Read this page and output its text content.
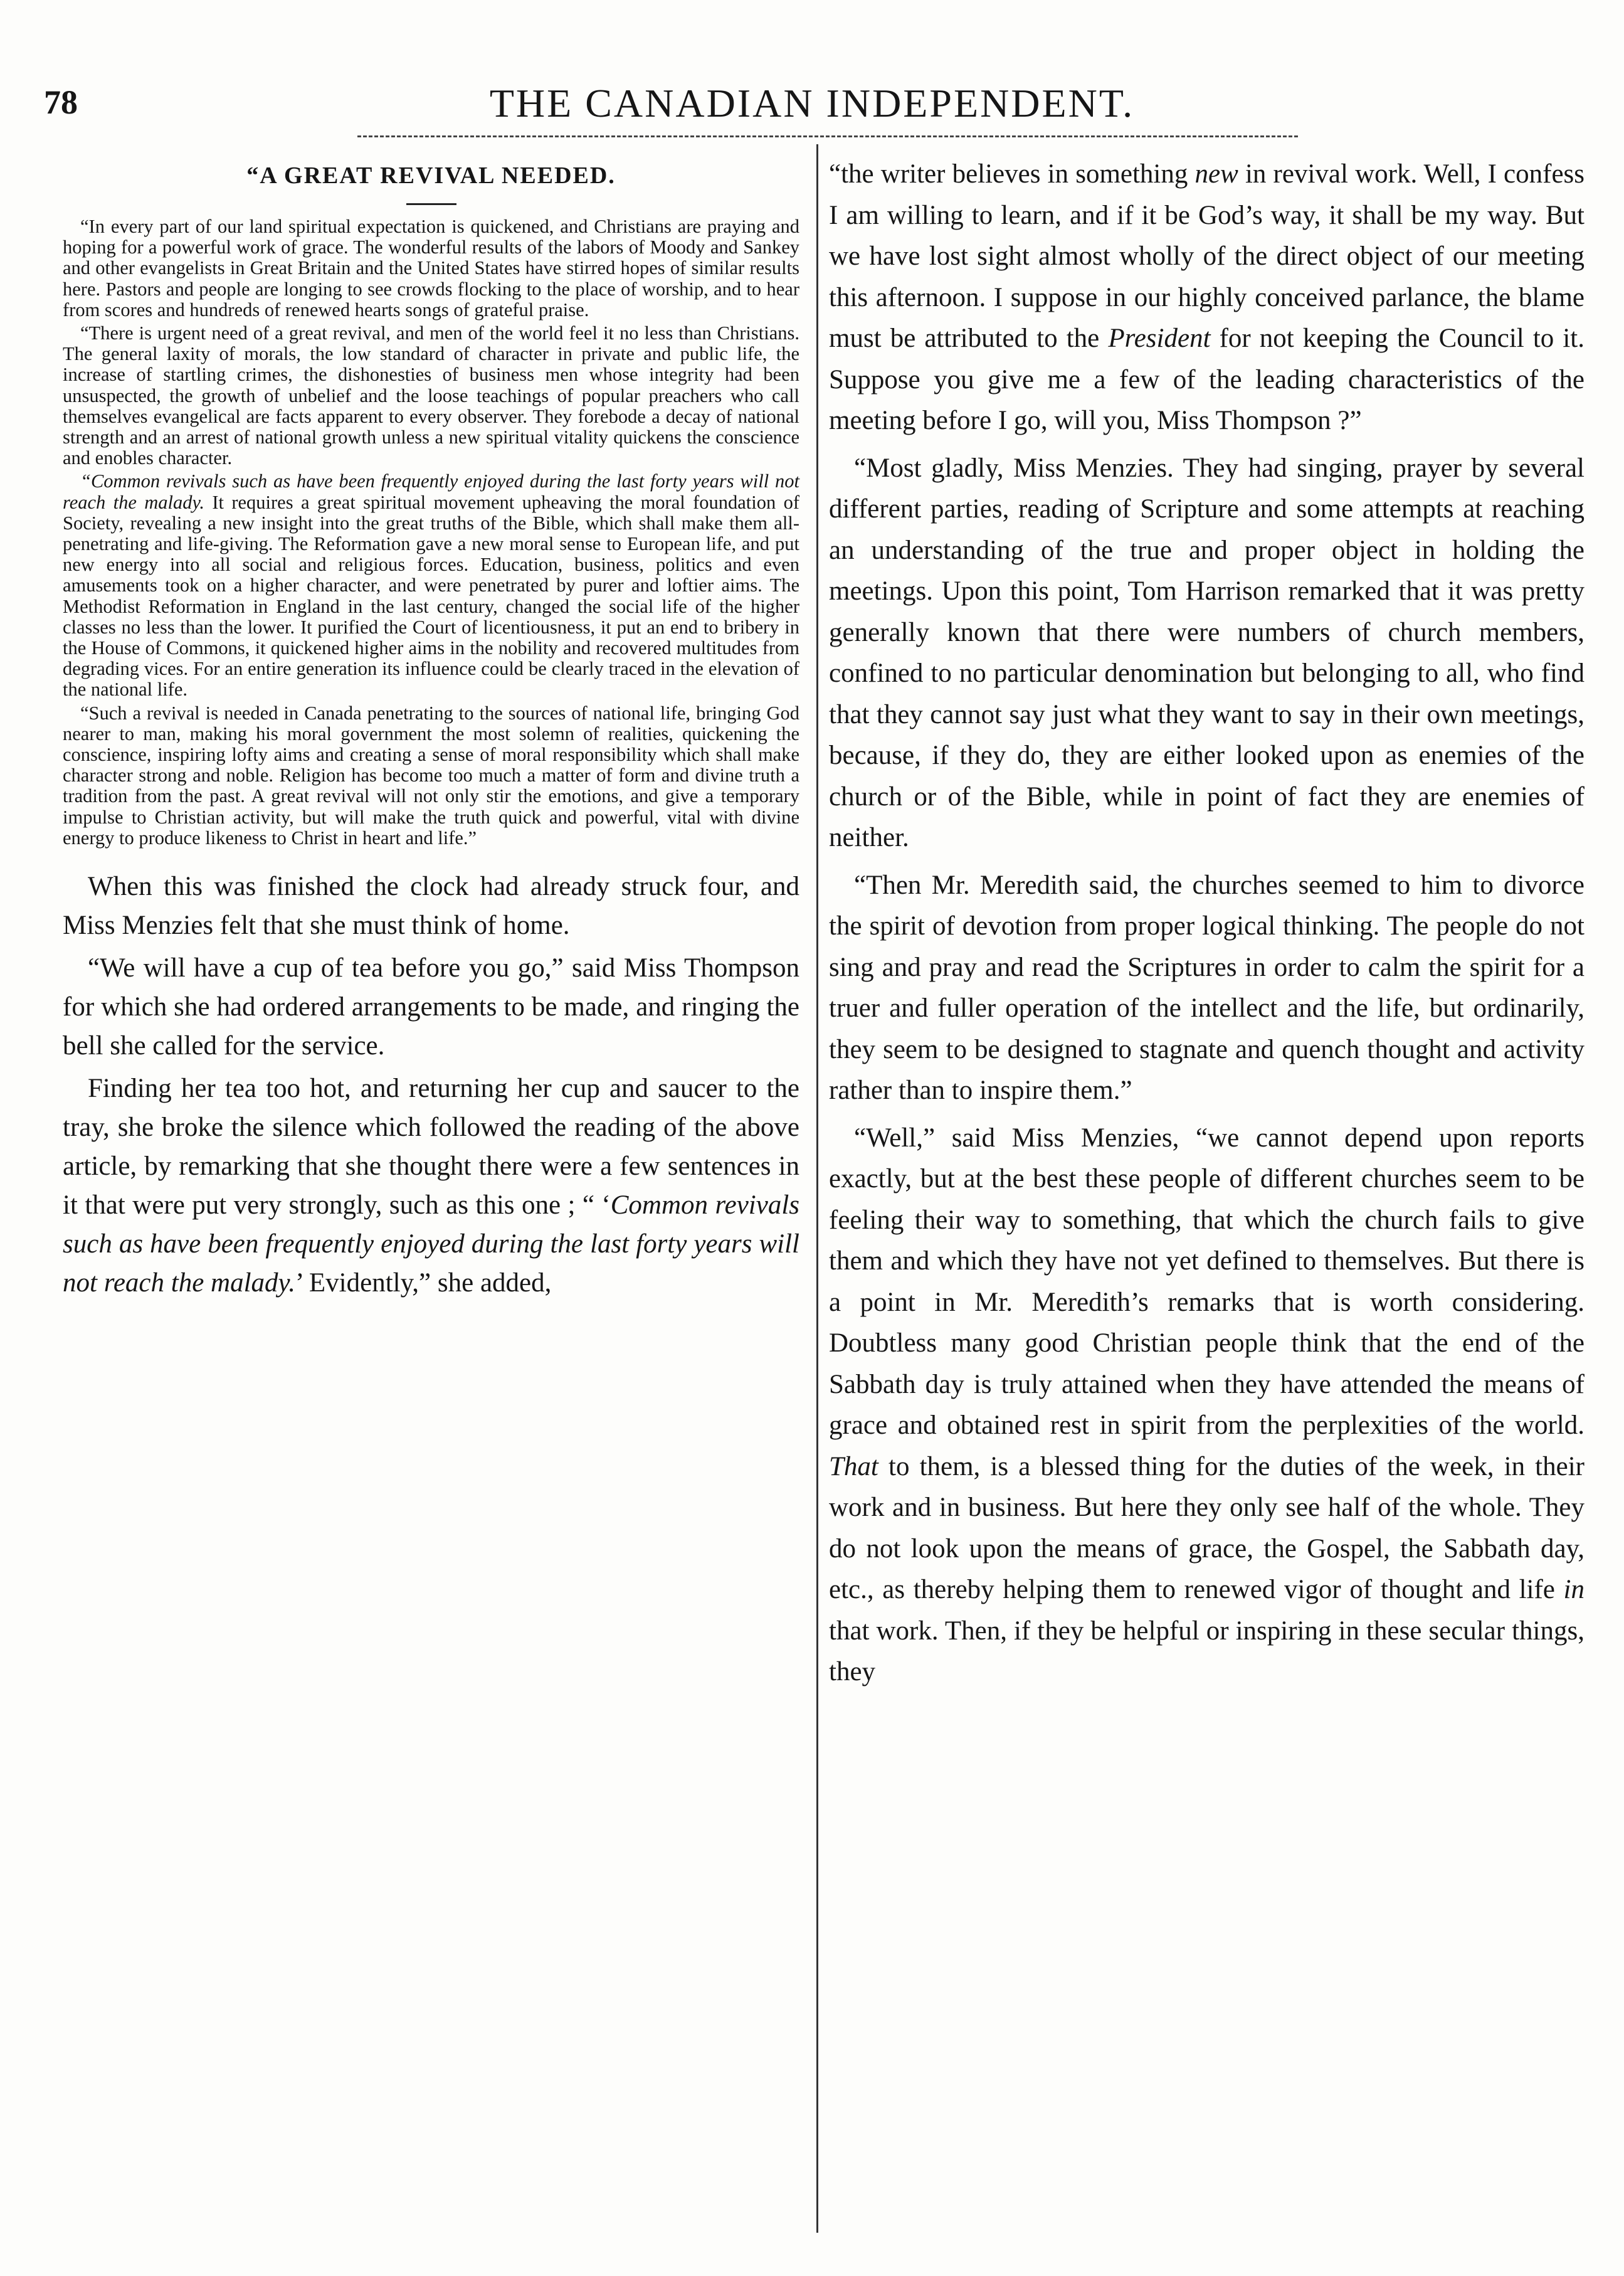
78	THE CANADIAN INDEPENDENT.
“A GREAT REVIVAL NEEDED.

“In every part of our land spiritual expectation is quickened, and Christians are praying and hoping for a powerful work of grace. The wonderful results of the labors of Moody and Sankey and other evangelists in Great Britain and the United States have stirred hopes of similar results here. Pastors and people are longing to see crowds flocking to the place of worship, and to hear from scores and hundreds of renewed hearts songs of grateful praise.

“There is urgent need of a great revival, and men of the world feel it no less than Christians. The general laxity of morals, the low standard of character in private and public life, the increase of startling crimes, the dishonesties of business men whose integrity had been unsuspected, the growth of unbelief and the loose teachings of popular preachers who call themselves evangelical are facts apparent to every observer. They forebode a decay of national strength and an arrest of national growth unless a new spiritual vitality quickens the conscience and enobles character.

“Common revivals such as have been frequently enjoyed during the last forty years will not reach the malady. It requires a great spiritual movement upheaving the moral foundation of Society, revealing a new insight into the great truths of the Bible, which shall make them all-penetrating and life-giving. The Reformation gave a new moral sense to European life, and put new energy into all social and religious forces. Education, business, politics and even amusements took on a higher character, and were penetrated by purer and loftier aims. The Methodist Reformation in England in the last century, changed the social life of the higher classes no less than the lower. It purified the Court of licentiousness, it put an end to bribery in the House of Commons, it quickened higher aims in the nobility and recovered multitudes from degrading vices. For an entire generation its influence could be clearly traced in the elevation of the national life.

“Such a revival is needed in Canada penetrating to the sources of national life, bringing God nearer to man, making his moral government the most solemn of realities, quickening the conscience, inspiring lofty aims and creating a sense of moral responsibility which shall make character strong and noble. Religion has become too much a matter of form and divine truth a tradition from the past. A great revival will not only stir the emotions, and give a temporary impulse to Christian activity, but will make the truth quick and powerful, vital with divine energy to produce likeness to Christ in heart and life.”

When this was finished the clock had already struck four, and Miss Menzies felt that she must think of home.

“We will have a cup of tea before you go,” said Miss Thompson for which she had ordered arrangements to be made, and ringing the bell she called for the service.

Finding her tea too hot, and returning her cup and saucer to the tray, she broke the silence which followed the reading of the above article, by remarking that she thought there were a few sentences in it that were put very strongly, such as this one ; “ ‘Common revivals such as have been frequently enjoyed during the last forty years will not reach the malady.’ Evidently,” she added,

“the writer believes in something new in revival work. Well, I confess I am willing to learn, and if it be God’s way, it shall be my way. But we have lost sight almost wholly of the direct object of our meeting this afternoon. I suppose in our highly conceived parlance, the blame must be attributed to the President for not keeping the Council to it. Suppose you give me a few of the leading characteristics of the meeting before I go, will you, Miss Thompson ?”

“Most gladly, Miss Menzies. They had singing, prayer by several different parties, reading of Scripture and some attempts at reaching an understanding of the true and proper object in holding the meetings. Upon this point, Tom Harrison remarked that it was pretty generally known that there were numbers of church members, confined to no particular denomination but belonging to all, who find that they cannot say just what they want to say in their own meetings, because, if they do, they are either looked upon as enemies of the church or of the Bible, while in point of fact they are enemies of neither.

“Then Mr. Meredith said, the churches seemed to him to divorce the spirit of devotion from proper logical thinking. The people do not sing and pray and read the Scriptures in order to calm the spirit for a truer and fuller operation of the intellect and the life, but ordinarily, they seem to be designed to stagnate and quench thought and activity rather than to inspire them.”

“Well,” said Miss Menzies, “we cannot depend upon reports exactly, but at the best these people of different churches seem to be feeling their way to something, that which the church fails to give them and which they have not yet defined to themselves. But there is a point in Mr. Meredith’s remarks that is worth considering. Doubtless many good Christian people think that the end of the Sabbath day is truly attained when they have attended the means of grace and obtained rest in spirit from the perplexities of the world. That to them, is a blessed thing for the duties of the week, in their work and in business. But here they only see half of the whole. They do not look upon the means of grace, the Gospel, the Sabbath day, etc., as thereby helping them to renewed vigor of thought and life in that work. Then, if they be helpful or inspiring in these secular things, they
